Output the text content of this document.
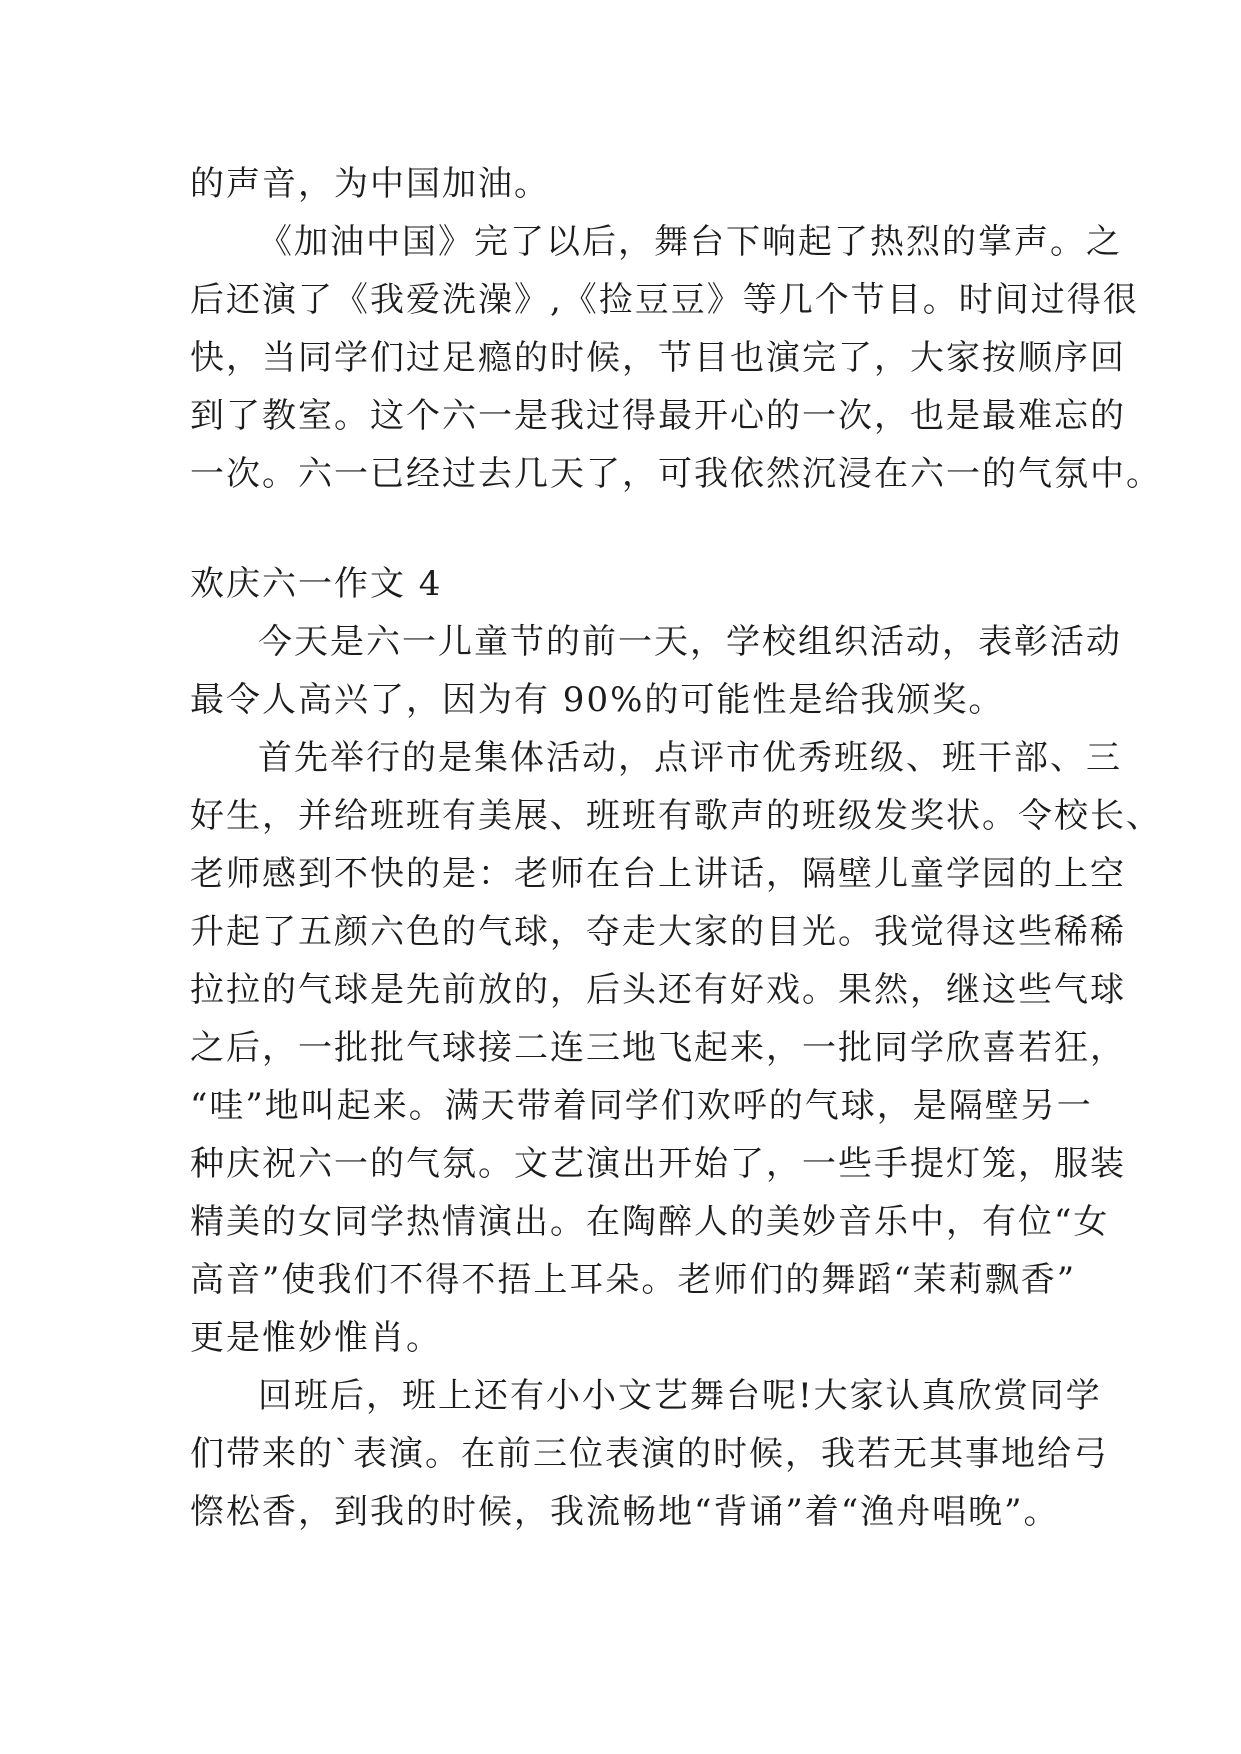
的声音，为中国加油。

《加油中国》完了以后，舞台下响起了热烈的掌声。之
后还演了《我爱洗澡》,《捡豆豆》等几个节目。时间过得很
快，当同学们过足瘾的时候，节目也演完了，大家按顺序回
到了教室。这个六一是我过得最开心的一次，也是最难忘的
一次。六一已经过去几天了，可我依然沉浸在六一的气氛中。

欢庆六一作文 4

今天是六一儿童节的前一天，学校组织活动，表彰活动
最令人高兴了，因为有 90%的可能性是给我颁奖。

首先举行的是集体活动，点评市优秀班级、班干部、三
好生，并给班班有美展、班班有歌声的班级发奖状。令校长、
老师感到不快的是：老师在台上讲话，隔壁儿童学园的上空
升起了五颜六色的气球，夺走大家的目光。我觉得这些稀稀
拉拉的气球是先前放的，后头还有好戏。果然，继这些气球
之后，一批批气球接二连三地飞起来，一批同学欣喜若狂，
“哇”地叫起来。满天带着同学们欢呼的气球，是隔壁另一
种庆祝六一的气氛。文艺演出开始了，一些手提灯笼，服装
精美的女同学热情演出。在陶醉人的美妙音乐中，有位“女
高音”使我们不得不捂上耳朵。老师们的舞蹈“茉莉飘香”
更是惟妙惟肖。

回班后，班上还有小小文艺舞台呢!大家认真欣赏同学
们带来的`表演。在前三位表演的时候，我若无其事地给弓
憏松香，到我的时候，我流畅地“背诵”着“渔舟唱晚”。
